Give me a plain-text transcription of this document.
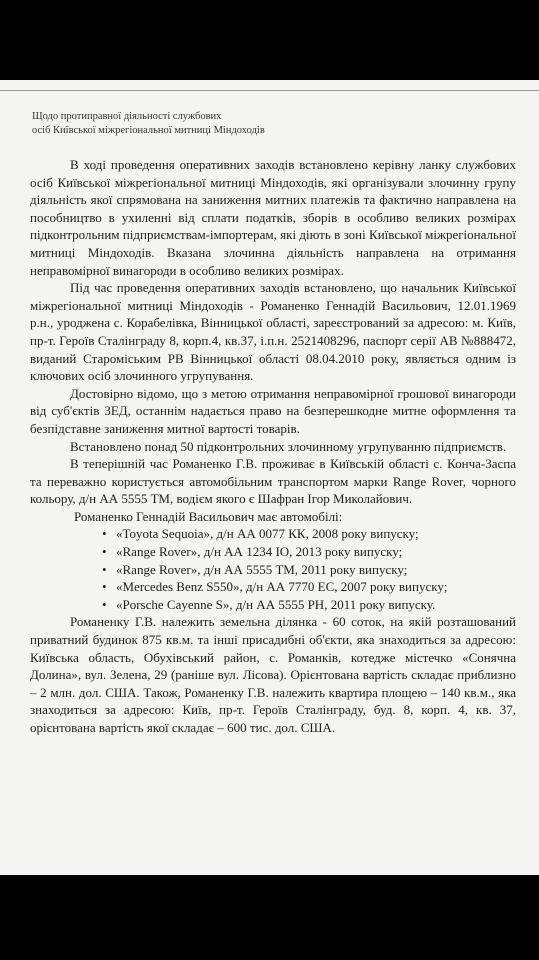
Щодо протиправної діяльності службових
осіб Київської міжрегіональної митниці Міндоходів

В ході проведення оперативних заходів встановлено керівну ланку службових осіб Київської міжрегіональної митниці Міндоходів, які організували злочинну групу діяльність якої спрямована на заниження митних платежів та фактично направлена на пособництво в ухиленні від сплати податків, зборів в особливо великих розмірах підконтрольним підприємствам-імпортерам, які діють в зоні Київської міжрегіональної митниці Міндоходів. Вказана злочинна діяльність направлена на отримання неправомірної винагороди в особливо великих розмірах.

Під час проведення оперативних заходів встановлено, що начальник Київської міжрегіональної митниці Міндоходів - Романенко Геннадій Васильович, 12.01.1969 р.н., уроджена с. Корабелівка, Вінницької області, зареєстрований за адресою: м. Київ, пр-т. Героїв Сталінграду 8, корп.4, кв.37, і.п.н. 2521408296, паспорт серії АВ №888472, виданий Старомiським РВ Вінницької області 08.04.2010 року, являється одним із ключових осіб злочинного угрупування.

Достовірно відомо, що з метою отримання неправомірної грошової винагороди від суб'єктів ЗЕД, останнім надається право на безперешкодне митне оформлення та безпідставне заниження митної вартості товарів.

Встановлено понад 50 підконтрольних злочинному угрупуванню підприємств.

В теперішній час Романенко Г.В. проживає в Київській області с. Конча-Заспа та переважно користується автомобільним транспортом марки Range Rover, чорного кольору, д/н АА 5555 ТМ, водієм якого є Шафран Ігор Миколайович.

Романенко Геннадій Васильович має автомобілі:

• «Toyota Sequoia», д/н АА 0077 КК, 2008 року випуску;
• «Range Rover», д/н АА 1234 IO, 2013 року випуску;
• «Range Rover», д/н АА 5555 ТМ, 2011 року випуску;
• «Mercedes Benz S550», д/н АА 7770 ЕС, 2007 року випуску;
• «Porsche Cayenne S», д/н АА 5555 PH, 2011 року випуску.

Романенку Г.В. належить земельна ділянка - 60 соток, на якій розташований приватний будинок 875 кв.м. та інші присадибні об'єкти, яка знаходиться за адресою: Київська область, Обухівський район, с. Романків, котедже містечко «Сонячна Долина», вул. Зелена, 29 (раніше вул. Лісова). Орієнтована вартість складає приблизно – 2 млн. дол. США. Також, Романенку Г.В. належить квартира площею – 140 кв.м., яка знаходиться за адресою: Київ, пр-т. Героїв Сталінграду, буд. 8, корп. 4, кв. 37, орієнтована вартість якої складає – 600 тис. дол. США.
